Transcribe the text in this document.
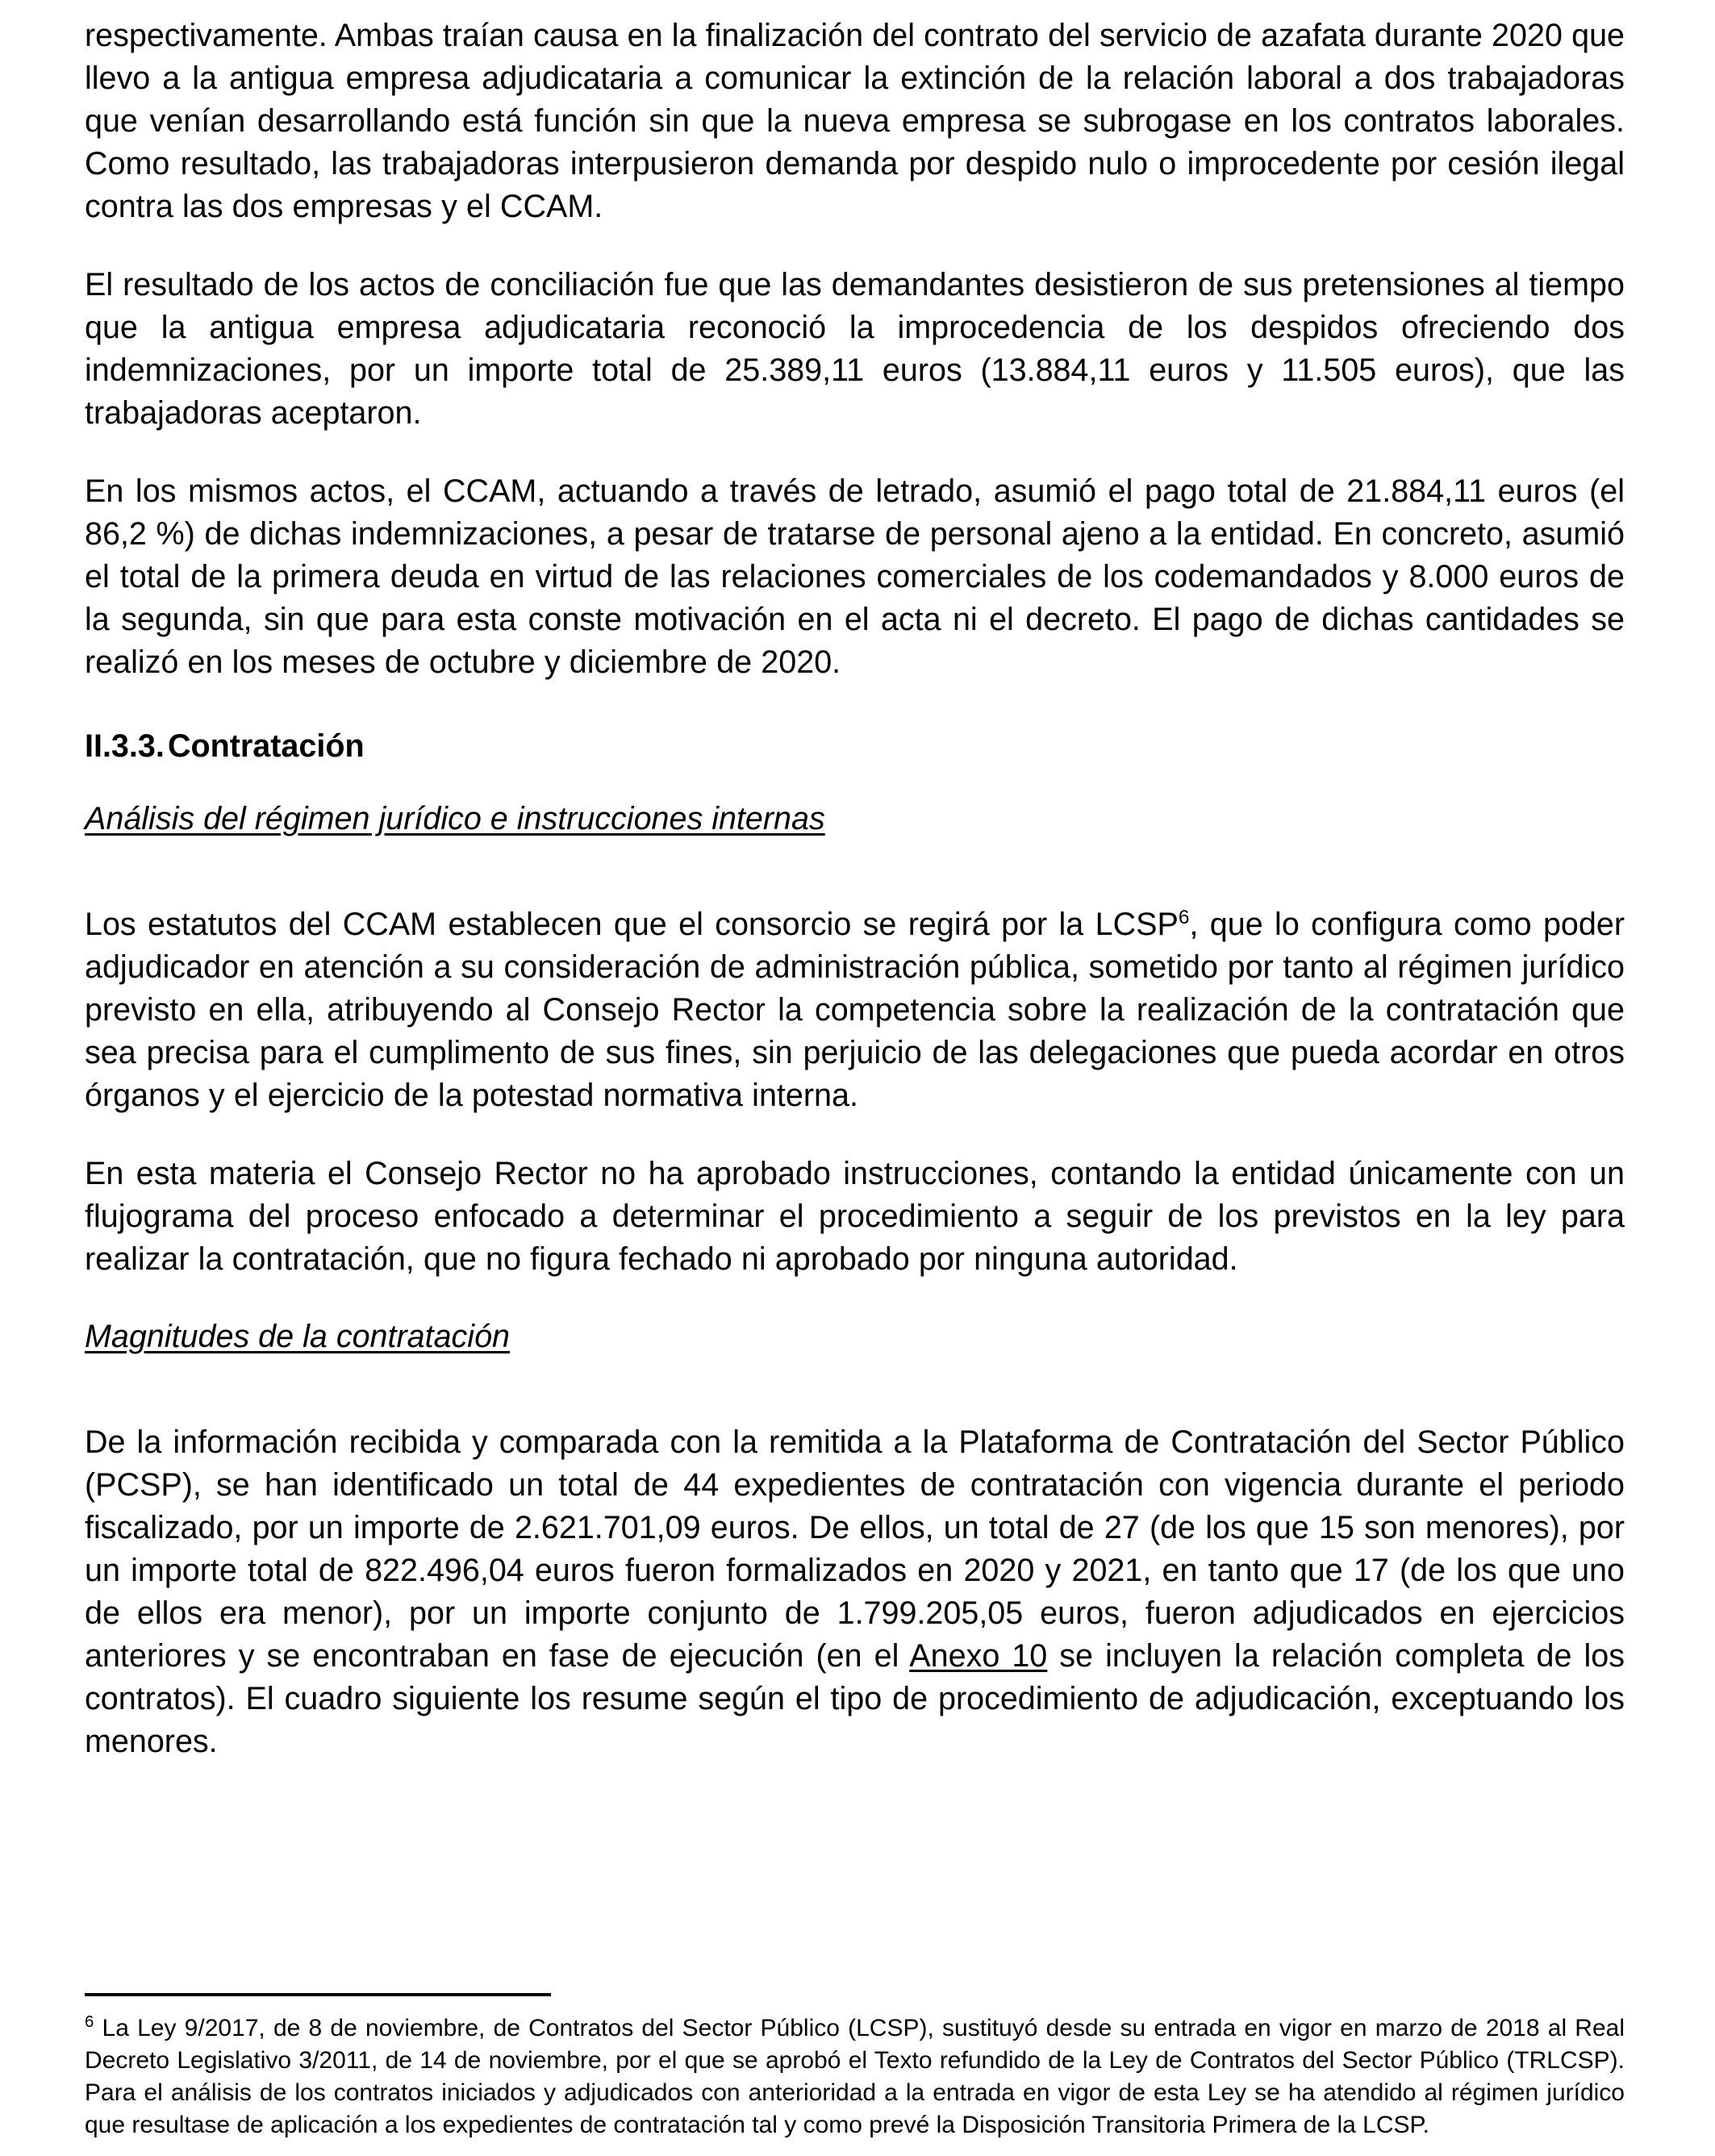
respectivamente. Ambas traían causa en la finalización del contrato del servicio de azafata durante 2020 que llevo a la antigua empresa adjudicataria a comunicar la extinción de la relación laboral a dos trabajadoras que venían desarrollando está función sin que la nueva empresa se subrogase en los contratos laborales. Como resultado, las trabajadoras interpusieron demanda por despido nulo o improcedente por cesión ilegal contra las dos empresas y el CCAM.

El resultado de los actos de conciliación fue que las demandantes desistieron de sus pretensiones al tiempo que la antigua empresa adjudicataria reconoció la improcedencia de los despidos ofreciendo dos indemnizaciones, por un importe total de 25.389,11 euros (13.884,11 euros y 11.505 euros), que las trabajadoras aceptaron.

En los mismos actos, el CCAM, actuando a través de letrado, asumió el pago total de 21.884,11 euros (el 86,2 %) de dichas indemnizaciones, a pesar de tratarse de personal ajeno a la entidad. En concreto, asumió el total de la primera deuda en virtud de las relaciones comerciales de los codemandados y 8.000 euros de la segunda, sin que para esta conste motivación en el acta ni el decreto. El pago de dichas cantidades se realizó en los meses de octubre y diciembre de 2020.

II.3.3. Contratación
Análisis del régimen jurídico e instrucciones internas

Los estatutos del CCAM establecen que el consorcio se regirá por la LCSP$^6$, que lo configura como poder adjudicador en atención a su consideración de administración pública, sometido por tanto al régimen jurídico previsto en ella, atribuyendo al Consejo Rector la competencia sobre la realización de la contratación que sea precisa para el cumplimento de sus fines, sin perjuicio de las delegaciones que pueda acordar en otros órganos y el ejercicio de la potestad normativa interna.

En esta materia el Consejo Rector no ha aprobado instrucciones, contando la entidad únicamente con un flujograma del proceso enfocado a determinar el procedimiento a seguir de los previstos en la ley para realizar la contratación, que no figura fechado ni aprobado por ninguna autoridad.

Magnitudes de la contratación

De la información recibida y comparada con la remitida a la Plataforma de Contratación del Sector Público (PCSP), se han identificado un total de 44 expedientes de contratación con vigencia durante el periodo fiscalizado, por un importe de 2.621.701,09 euros. De ellos, un total de 27 (de los que 15 son menores), por un importe total de 822.496,04 euros fueron formalizados en 2020 y 2021, en tanto que 17 (de los que uno de ellos era menor), por un importe conjunto de 1.799.205,05 euros, fueron adjudicados en ejercicios anteriores y se encontraban en fase de ejecución (en el Anexo 10 se incluyen la relación completa de los contratos). El cuadro siguiente los resume según el tipo de procedimiento de adjudicación, exceptuando los menores.

$^6$ La Ley 9/2017, de 8 de noviembre, de Contratos del Sector Público (LCSP), sustituyó desde su entrada en vigor en marzo de 2018 al Real Decreto Legislativo 3/2011, de 14 de noviembre, por el que se aprobó el Texto refundido de la Ley de Contratos del Sector Público (TRLCSP). Para el análisis de los contratos iniciados y adjudicados con anterioridad a la entrada en vigor de esta Ley se ha atendido al régimen jurídico que resultase de aplicación a los expedientes de contratación tal y como prevé la Disposición Transitoria Primera de la LCSP.
